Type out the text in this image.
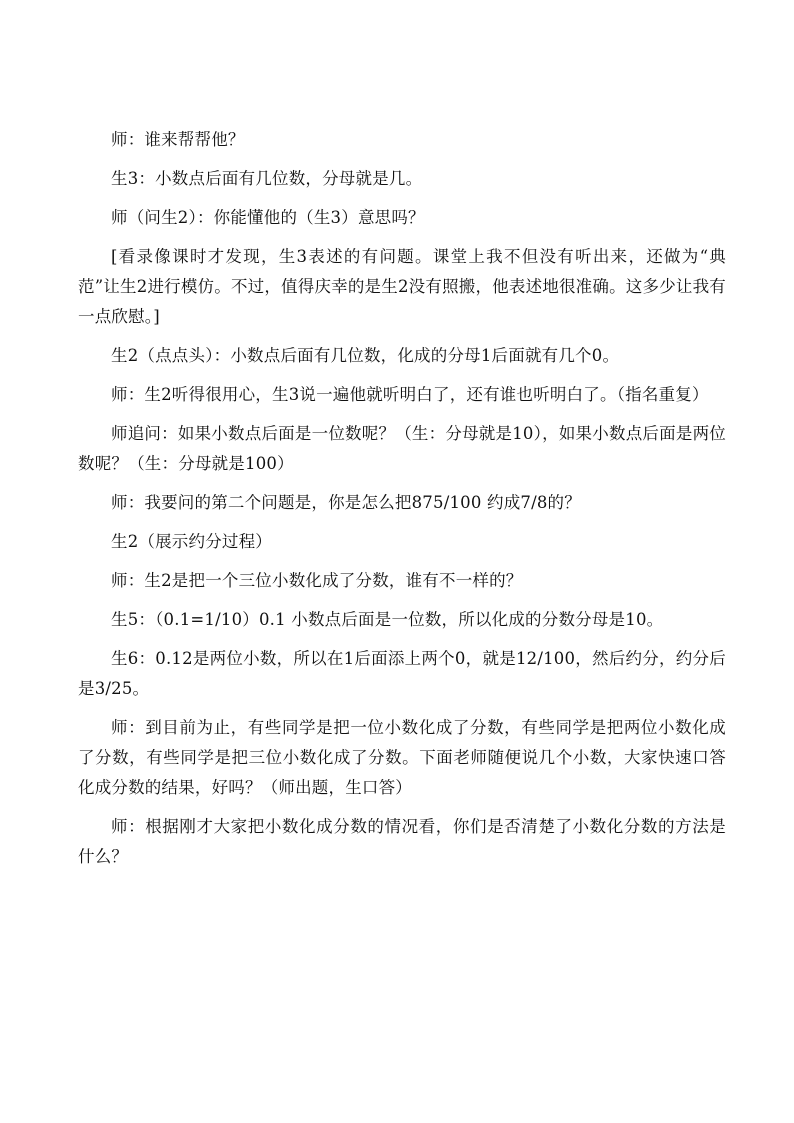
师：谁来帮帮他？

生3：小数点后面有几位数，分母就是几。

师（问生2）：你能懂他的（生3）意思吗？

[看录像课时才发现，生3表述的有问题。课堂上我不但没有听出来，还做为“典范”让生2进行模仿。不过，值得庆幸的是生2没有照搬，他表述地很准确。这多少让我有一点欣慰。]

生2（点点头）：小数点后面有几位数，化成的分母1后面就有几个0。

师：生2听得很用心，生3说一遍他就听明白了，还有谁也听明白了。（指名重复）

师追问：如果小数点后面是一位数呢？（生：分母就是10），如果小数点后面是两位数呢？（生：分母就是100）

师：我要问的第二个问题是，你是怎么把875/100 约成7/8的？

生2（展示约分过程）

师：生2是把一个三位小数化成了分数，谁有不一样的？

生5：（0.1=1/10）0.1 小数点后面是一位数，所以化成的分数分母是10。

生6：0.12是两位小数，所以在1后面添上两个0，就是12/100，然后约分，约分后是3/25。

师：到目前为止，有些同学是把一位小数化成了分数，有些同学是把两位小数化成了分数，有些同学是把三位小数化成了分数。下面老师随便说几个小数，大家快速口答化成分数的结果，好吗？（师出题，生口答）

师：根据刚才大家把小数化成分数的情况看，你们是否清楚了小数化分数的方法是什么？
